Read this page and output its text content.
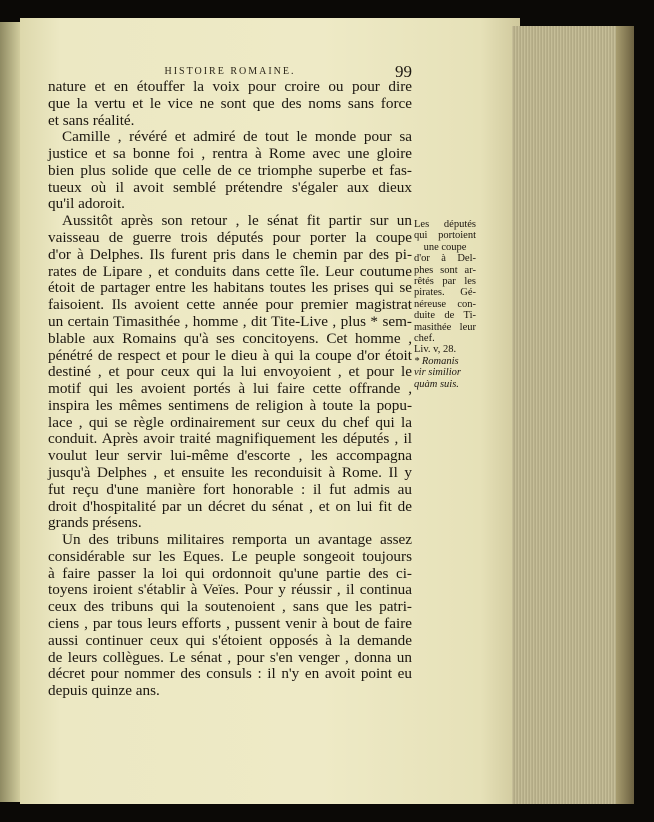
HISTOIRE ROMAINE.	99
nature et en étouffer la voix pour croire ou pour dire
que la vertu et le vice ne sont que des noms sans force
et sans réalité.
Camille , révéré et admiré de tout le monde pour sa
justice et sa bonne foi , rentra à Rome avec une gloire
bien plus solide que celle de ce triomphe superbe et fas-
tueux où il avoit semblé prétendre s'égaler aux dieux
qu'il adoroit.
Aussitôt après son retour , le sénat fit partir sur un
vaisseau de guerre trois députés pour porter la coupe
d'or à Delphes. Ils furent pris dans le chemin par des pi-
rates de Lipare , et conduits dans cette île. Leur coutume
étoit de partager entre les habitans toutes les prises qui se
faisoient. Ils avoient cette année pour premier magistrat
un certain Timasithée , homme , dit Tite-Live , plus * sem-
blable aux Romains qu'à ses concitoyens. Cet homme ,
pénétré de respect et pour le dieu à qui la coupe d'or étoit
destiné , et pour ceux qui la lui envoyoient , et pour le
motif qui les avoient portés à lui faire cette offrande ,
inspira les mêmes sentimens de religion à toute la popu-
lace , qui se règle ordinairement sur ceux du chef qui la
conduit. Après avoir traité magnifiquement les députés , il
voulut leur servir lui-même d'escorte , les accompagna
jusqu'à Delphes , et ensuite les reconduisit à Rome. Il y
fut reçu d'une manière fort honorable : il fut admis au
droit d'hospitalité par un décret du sénat , et on lui fit de
grands présens.
Un des tribuns militaires remporta un avantage assez
considérable sur les Eques. Le peuple songeoit toujours
à faire passer la loi qui ordonnoit qu'une partie des ci-
toyens iroient s'établir à Veïes. Pour y réussir , il continua
ceux des tribuns qui la soutenoient , sans que les patri-
ciens , par tous leurs efforts , pussent venir à bout de faire
aussi continuer ceux qui s'étoient opposés à la demande
de leurs collègues. Le sénat , pour s'en venger , donna un
décret pour nommer des consuls : il n'y en avoit point eu
depuis quinze ans.
Les députés
qui portoient
une coupe
d'or à Del-
phes sont ar-
rêtés par les
pirates. Gé-
néreuse con-
duite de Ti-
masithée leur
chef.
Liv. v, 28.
* Romanis
vir similior
quàm suis.
